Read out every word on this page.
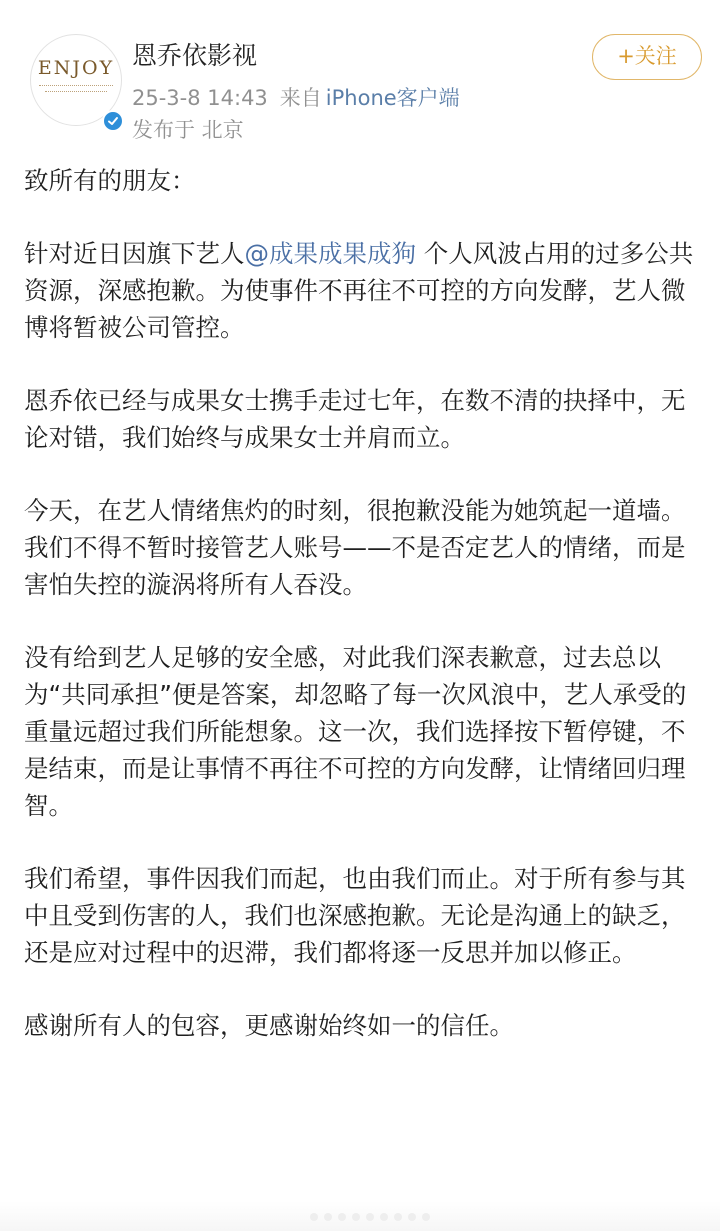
ENJOY 恩乔依影视
25-3-8 14:43 来自 iPhone客户端
发布于 北京
+关注
致所有的朋友：
针对近日因旗下艺人@成果成果成狗 个人风波占用的过多公共资源，深感抱歉。为使事件不再往不可控的方向发酵，艺人微博将暂被公司管控。
恩乔依已经与成果女士携手走过七年，在数不清的抉择中，无论对错，我们始终与成果女士并肩而立。
今天，在艺人情绪焦灼的时刻，很抱歉没能为她筑起一道墙。我们不得不暂时接管艺人账号——不是否定艺人的情绪，而是害怕失控的漩涡将所有人吞没。
没有给到艺人足够的安全感，对此我们深表歉意，过去总以为“共同承担”便是答案，却忽略了每一次风浪中，艺人承受的重量远超过我们所能想象。这一次，我们选择按下暂停键，不是结束，而是让事情不再往不可控的方向发酵，让情绪回归理智。
我们希望，事件因我们而起，也由我们而止。对于所有参与其中且受到伤害的人，我们也深感抱歉。无论是沟通上的缺乏，还是应对过程中的迟滞，我们都将逐一反思并加以修正。
感谢所有人的包容，更感谢始终如一的信任。
